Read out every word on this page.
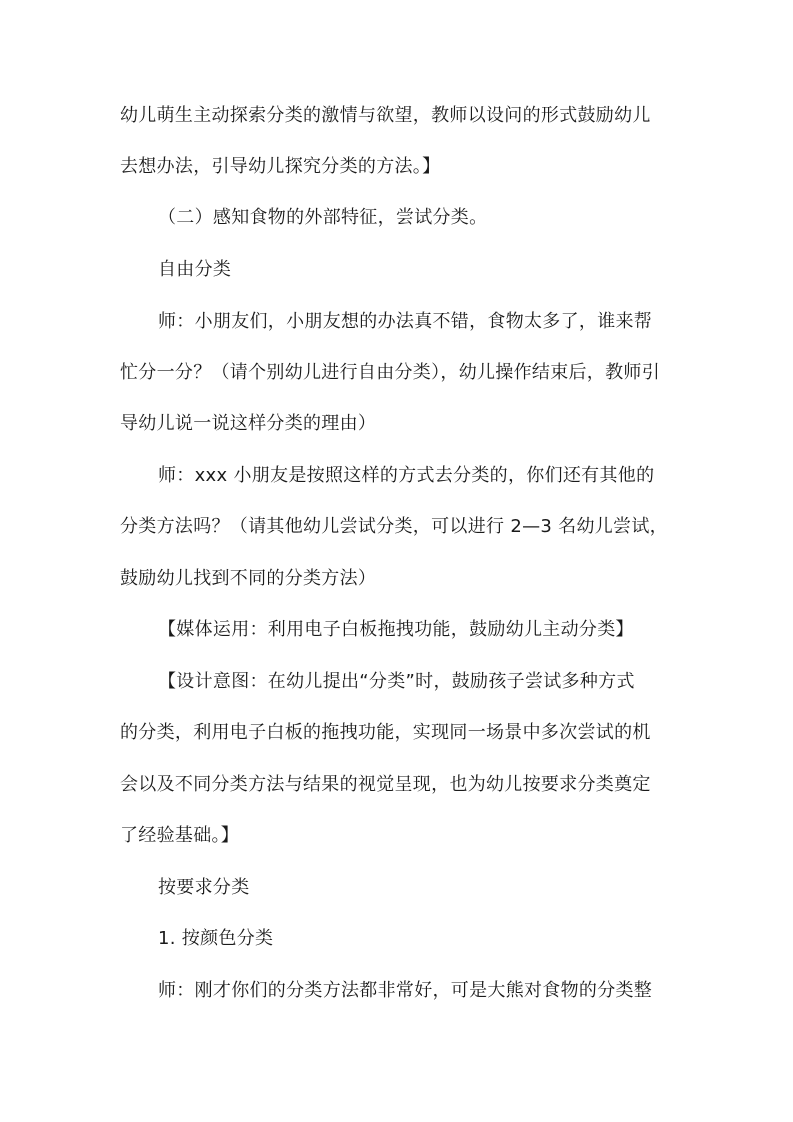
幼儿萌生主动探索分类的激情与欲望，教师以设问的形式鼓励幼儿
去想办法，引导幼儿探究分类的方法。】
（二）感知食物的外部特征，尝试分类。
自由分类
师：小朋友们，小朋友想的办法真不错，食物太多了，谁来帮
忙分一分？（请个别幼儿进行自由分类），幼儿操作结束后，教师引
导幼儿说一说这样分类的理由）
师：xxx 小朋友是按照这样的方式去分类的，你们还有其他的
分类方法吗？（请其他幼儿尝试分类，可以进行 2—3 名幼儿尝试，
鼓励幼儿找到不同的分类方法）
【媒体运用：利用电子白板拖拽功能，鼓励幼儿主动分类】
【设计意图：在幼儿提出“分类”时，鼓励孩子尝试多种方式
的分类，利用电子白板的拖拽功能，实现同一场景中多次尝试的机
会以及不同分类方法与结果的视觉呈现，也为幼儿按要求分类奠定
了经验基础。】
按要求分类
1. 按颜色分类
师：刚才你们的分类方法都非常好，可是大熊对食物的分类整
